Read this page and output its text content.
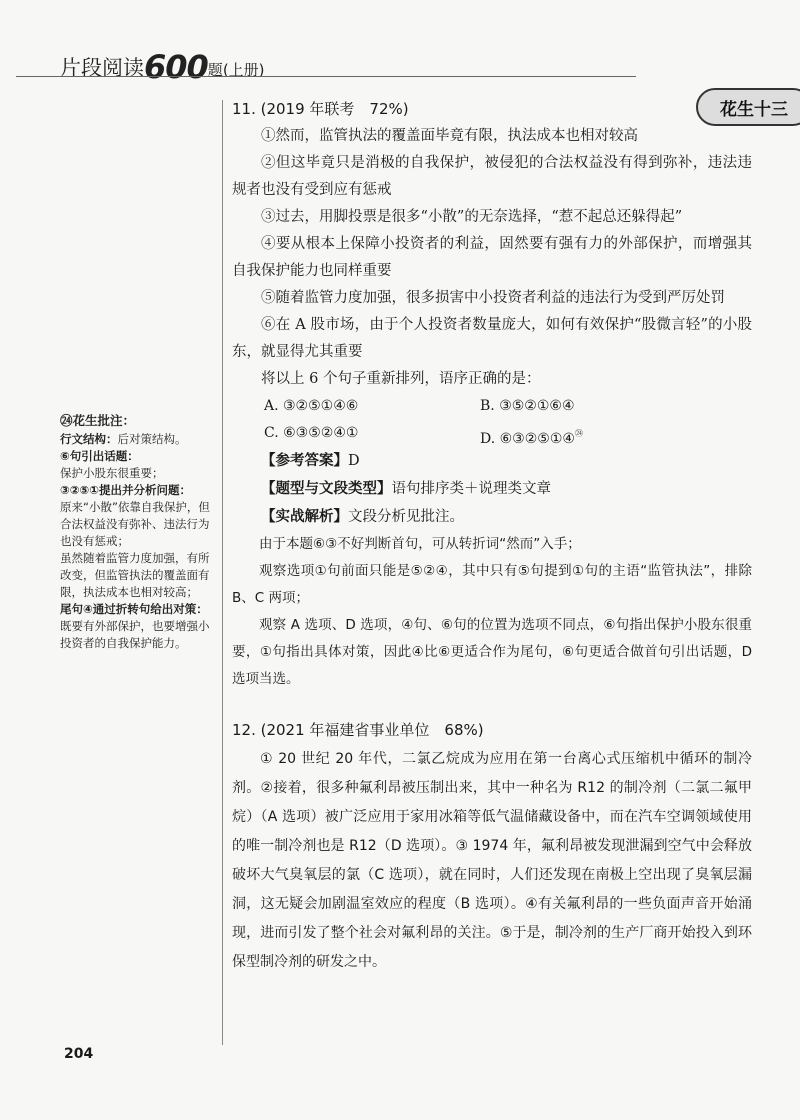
片段阅读600题(上册)
花生十三

11. (2019 年联考　72%)

①然而，监管执法的覆盖面毕竟有限，执法成本也相对较高

②但这毕竟只是消极的自我保护，被侵犯的合法权益没有得到弥补，违法违规者也没有受到应有惩戒

③过去，用脚投票是很多“小散”的无奈选择，“惹不起总还躲得起”

④要从根本上保障小投资者的利益，固然要有强有力的外部保护，而增强其自我保护能力也同样重要

⑤随着监管力度加强，很多损害中小投资者利益的违法行为受到严厉处罚

⑥在 A 股市场，由于个人投资者数量庞大，如何有效保护“股微言轻”的小股东，就显得尤其重要

将以上 6 个句子重新排列，语序正确的是：

A. ③②⑤①④⑥	B. ③⑤②①⑥④
C. ⑥③⑤②④①	D. ⑥③②⑤①④$^㉔$

【参考答案】D

【题型与文段类型】语句排序类＋说理类文章

【实战解析】文段分析见批注。

由于本题⑥③不好判断首句，可从转折词“然而”入手；

观察选项①句前面只能是⑤②④，其中只有⑤句提到①句的主语“监管执法”，排除 B、C 两项；

观察 A 选项、D 选项，④句、⑥句的位置为选项不同点，⑥句指出保护小股东很重要，①句指出具体对策，因此④比⑥更适合作为尾句，⑥句更适合做首句引出话题，D 选项当选。

㉔花生批注：
行文结构：后对策结构。
⑥句引出话题：
保护小股东很重要；
③②⑤①提出并分析问题：
原来“小散”依靠自我保护，但合法权益没有弥补、违法行为也没有惩戒；
虽然随着监管力度加强，有所改变，但监管执法的覆盖面有限，执法成本也相对较高；
尾句④通过折转句给出对策：
既要有外部保护，也要增强小投资者的自我保护能力。

12. (2021 年福建省事业单位　68%)

① 20 世纪 20 年代，二氯乙烷成为应用在第一台离心式压缩机中循环的制冷剂。②接着，很多种氟利昂被压制出来，其中一种名为 R12 的制冷剂（二氯二氟甲烷）（A 选项）被广泛应用于家用冰箱等低气温储藏设备中，而在汽车空调领域使用的唯一制冷剂也是 R12（D 选项）。③ 1974 年，氟利昂被发现泄漏到空气中会释放破坏大气臭氧层的氯（C 选项），就在同时，人们还发现在南极上空出现了臭氧层漏洞，这无疑会加剧温室效应的程度（B 选项）。④有关氟利昂的一些负面声音开始涌现，进而引发了整个社会对氟利昂的关注。⑤于是，制冷剂的生产厂商开始投入到环保型制冷剂的研发之中。

204
